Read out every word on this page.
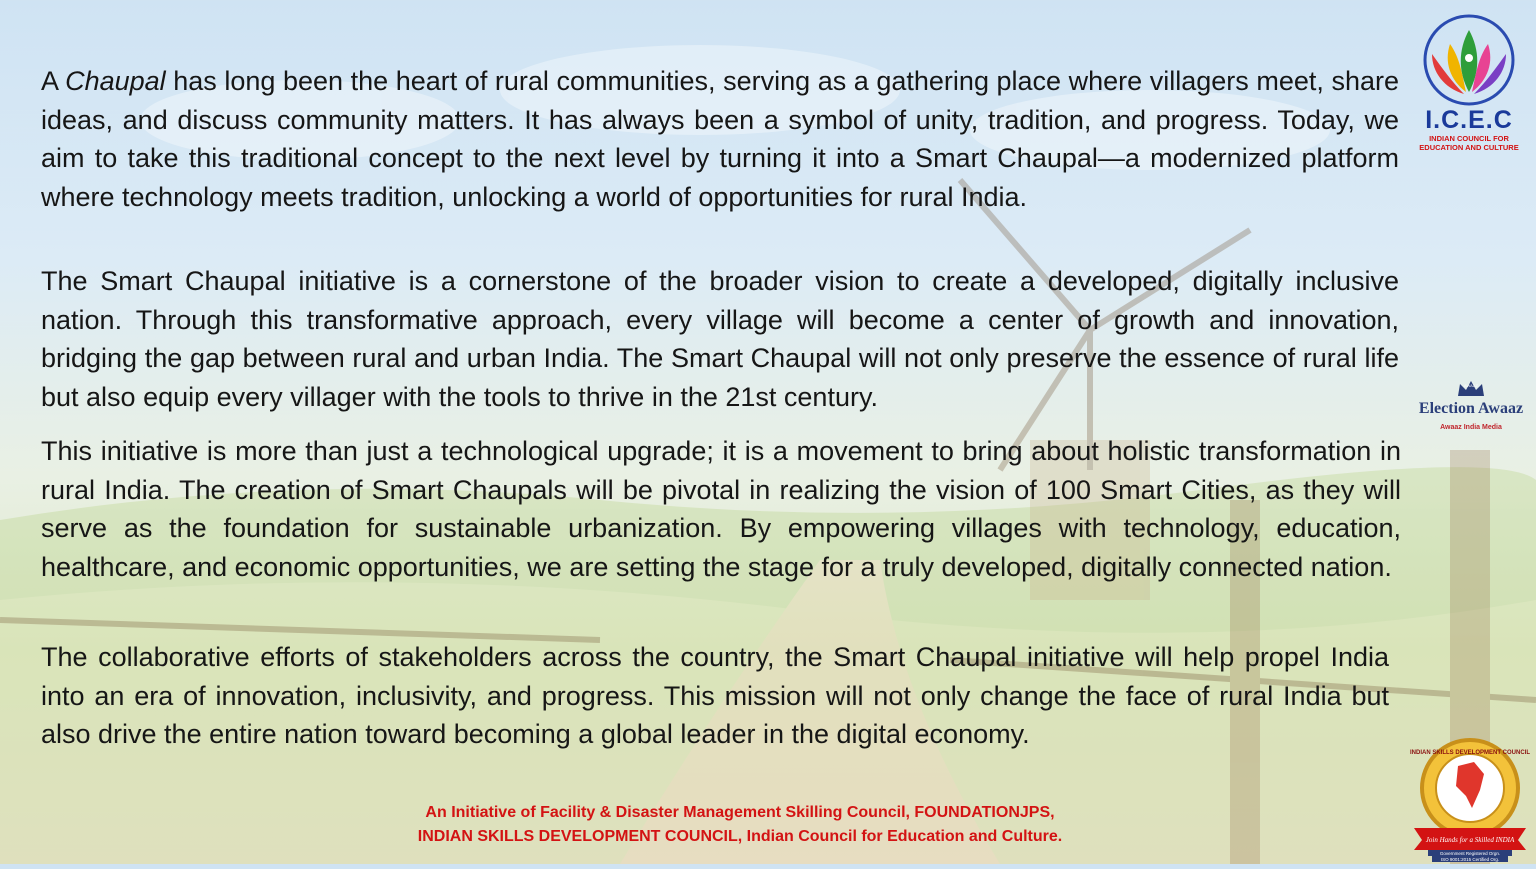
A Chaupal has long been the heart of rural communities, serving as a gathering place where villagers meet, share ideas, and discuss community matters. It has always been a symbol of unity, tradition, and progress. Today, we aim to take this traditional concept to the next level by turning it into a Smart Chaupal—a modernized platform where technology meets tradition, unlocking a world of opportunities for rural India.

The Smart Chaupal initiative is a cornerstone of the broader vision to create a developed, digitally inclusive nation. Through this transformative approach, every village will become a center of growth and innovation, bridging the gap between rural and urban India. The Smart Chaupal will not only preserve the essence of rural life but also equip every villager with the tools to thrive in the 21st century.

This initiative is more than just a technological upgrade; it is a movement to bring about holistic transformation in rural India. The creation of Smart Chaupals will be pivotal in realizing the vision of 100 Smart Cities, as they will serve as the foundation for sustainable urbanization. By empowering villages with technology, education, healthcare, and economic opportunities, we are setting the stage for a truly developed, digitally connected nation.

The collaborative efforts of stakeholders across the country, the Smart Chaupal initiative will help propel India into an era of innovation, inclusivity, and progress. This mission will not only change the face of rural India but also drive the entire nation toward becoming a global leader in the digital economy.

An Initiative of Facility & Disaster Management Skilling Council, FOUNDATIONJPS,
INDIAN SKILLS DEVELOPMENT COUNCIL, Indian Council for Education and Culture.
I.C.E.C
INDIAN COUNCIL FOR
EDUCATION AND CULTURE
AWAAZ
Election Awaaz
Awaaz India Media
INDIAN SKILLS DEVELOPMENT COUNCIL
Join Hands for a Skilled INDIA
Government Registered Orgn.
ISO 9001:2015 Certified Org.
